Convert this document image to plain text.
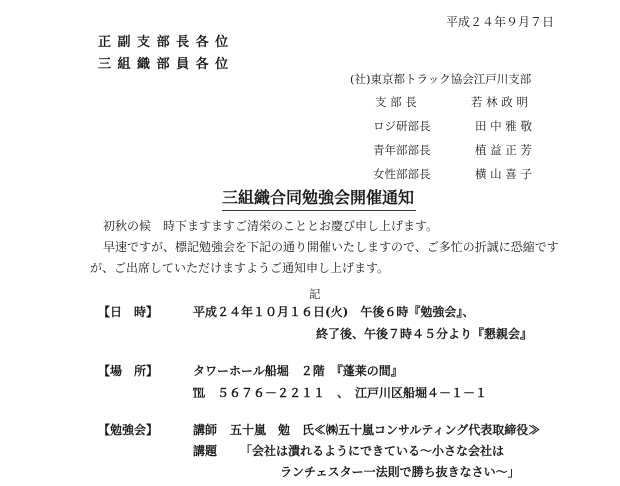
平成２４年９月７日
正 副 支 部 長 各 位
三 組 織 部 員 各 位
(社)東京都トラック協会江戸川支部
支 部 長	若 林 政 明
ロジ研部長	田 中 雅 敬
青年部部長	植 益 正 芳
女性部部長	横 山 喜 子
三組織合同勉強会開催通知
初秋の候　時下ますますご清栄のこととお慶び申し上げます。
早速ですが、標記勉強会を下記の通り開催いたしますので、ご多忙の折誠に恐縮です
が、ご出席していただけますようご通知申し上げます。
記
【日　時】	平成２４年１０月１６日(火)　午後６時『勉強会』、
終了後、午後７時４５分より『懇親会』
【場　所】	タワーホール船堀　２階　『蓬莱の間』
℡　５６７６－２２１１　、　江戸川区船堀４－１－１
【勉強会】	講師 五十嵐　勉　氏≪㈱五十嵐コンサルティング代表取締役≫
講題 「会社は潰れるようにできている～小さな会社は
ランチェスター一法則で勝ち抜きなさい～」
